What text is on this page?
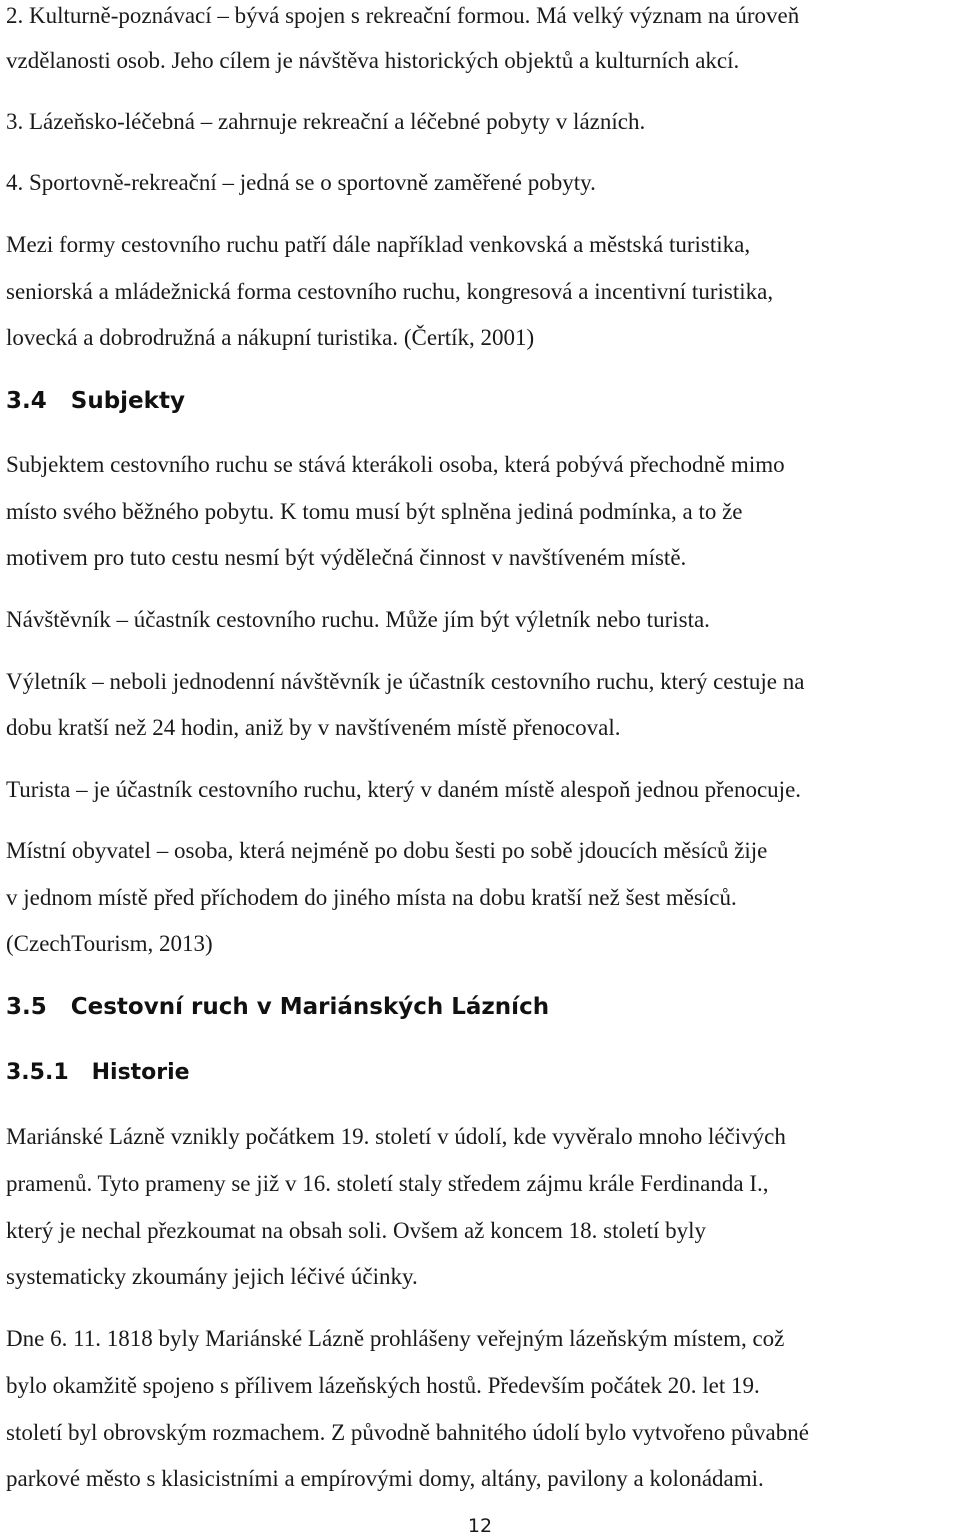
2. Kulturně-poznávací – bývá spojen s rekreační formou. Má velký význam na úroveň
vzdělanosti osob. Jeho cílem je návštěva historických objektů a kulturních akcí.
3. Lázeňsko-léčebná – zahrnuje rekreační a léčebné pobyty v lázních.
4. Sportovně-rekreační – jedná se o sportovně zaměřené pobyty.
Mezi formy cestovního ruchu patří dále například venkovská a městská turistika,
seniorská a mládežnická forma cestovního ruchu, kongresová a incentivní turistika,
lovecká a dobrodružná a nákupní turistika. (Čertík, 2001)
3.4   Subjekty
Subjektem cestovního ruchu se stává kterákoli osoba, která pobývá přechodně mimo
místo svého běžného pobytu. K tomu musí být splněna jediná podmínka, a to že
motivem pro tuto cestu nesmí být výdělečná činnost v navštíveném místě.
Návštěvník – účastník cestovního ruchu. Může jím být výletník nebo turista.
Výletník – neboli jednodenní návštěvník je účastník cestovního ruchu, který cestuje na
dobu kratší než 24 hodin, aniž by v navštíveném místě přenocoval.
Turista – je účastník cestovního ruchu, který v daném místě alespoň jednou přenocuje.
Místní obyvatel – osoba, která nejméně po dobu šesti po sobě jdoucích měsíců žije
v jednom místě před příchodem do jiného místa na dobu kratší než šest měsíců.
(CzechTourism, 2013)
3.5   Cestovní ruch v Mariánských Lázních
3.5.1   Historie
Mariánské Lázně vznikly počátkem 19. století v údolí, kde vyvěralo mnoho léčivých
pramenů. Tyto prameny se již v 16. století staly středem zájmu krále Ferdinanda I.,
který je nechal přezkoumat na obsah soli. Ovšem až koncem 18. století byly
systematicky zkoumány jejich léčivé účinky.
Dne 6. 11. 1818 byly Mariánské Lázně prohlášeny veřejným lázeňským místem, což
bylo okamžitě spojeno s přílivem lázeňských hostů. Především počátek 20. let 19.
století byl obrovským rozmachem. Z původně bahnitého údolí bylo vytvořeno půvabné
parkové město s klasicistními a empírovými domy, altány, pavilony a kolonádami.
12
